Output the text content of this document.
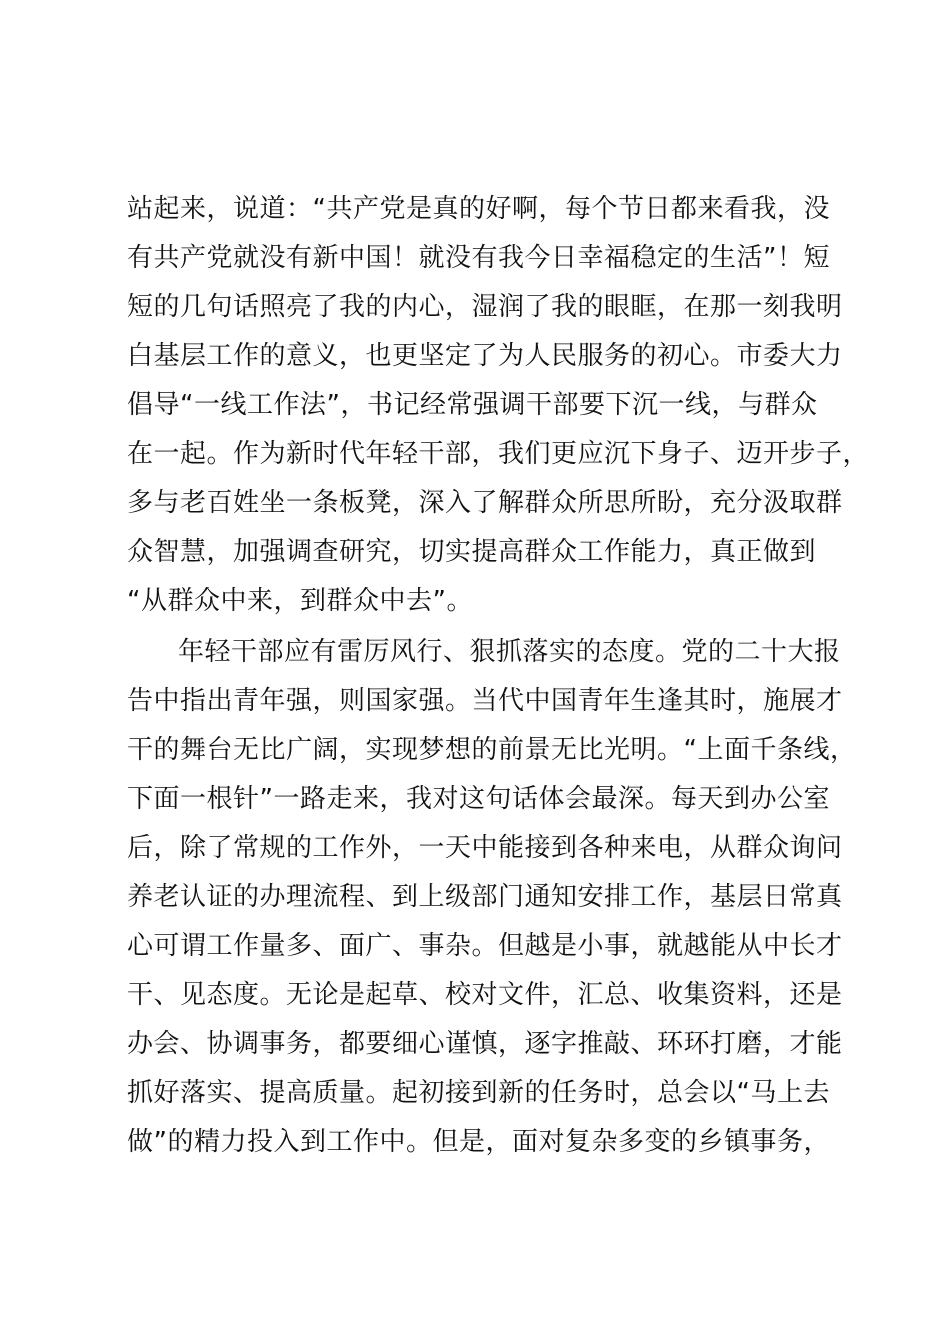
站起来，说道：“共产党是真的好啊，每个节日都来看我，没
有共产党就没有新中国！就没有我今日幸福稳定的生活”！短
短的几句话照亮了我的内心，湿润了我的眼眶，在那一刻我明
白基层工作的意义，也更坚定了为人民服务的初心。市委大力
倡导“一线工作法”，书记经常强调干部要下沉一线，与群众
在一起。作为新时代年轻干部，我们更应沉下身子、迈开步子，
多与老百姓坐一条板凳，深入了解群众所思所盼，充分汲取群
众智慧，加强调查研究，切实提高群众工作能力，真正做到
“从群众中来，到群众中去”。
年轻干部应有雷厉风行、狠抓落实的态度。党的二十大报
告中指出青年强，则国家强。当代中国青年生逢其时，施展才
干的舞台无比广阔，实现梦想的前景无比光明。“上面千条线，
下面一根针”一路走来，我对这句话体会最深。每天到办公室
后，除了常规的工作外，一天中能接到各种来电，从群众询问
养老认证的办理流程、到上级部门通知安排工作，基层日常真
心可谓工作量多、面广、事杂。但越是小事，就越能从中长才
干、见态度。无论是起草、校对文件，汇总、收集资料，还是
办会、协调事务，都要细心谨慎，逐字推敲、环环打磨，才能
抓好落实、提高质量。起初接到新的任务时，总会以“马上去
做”的精力投入到工作中。但是，面对复杂多变的乡镇事务，
